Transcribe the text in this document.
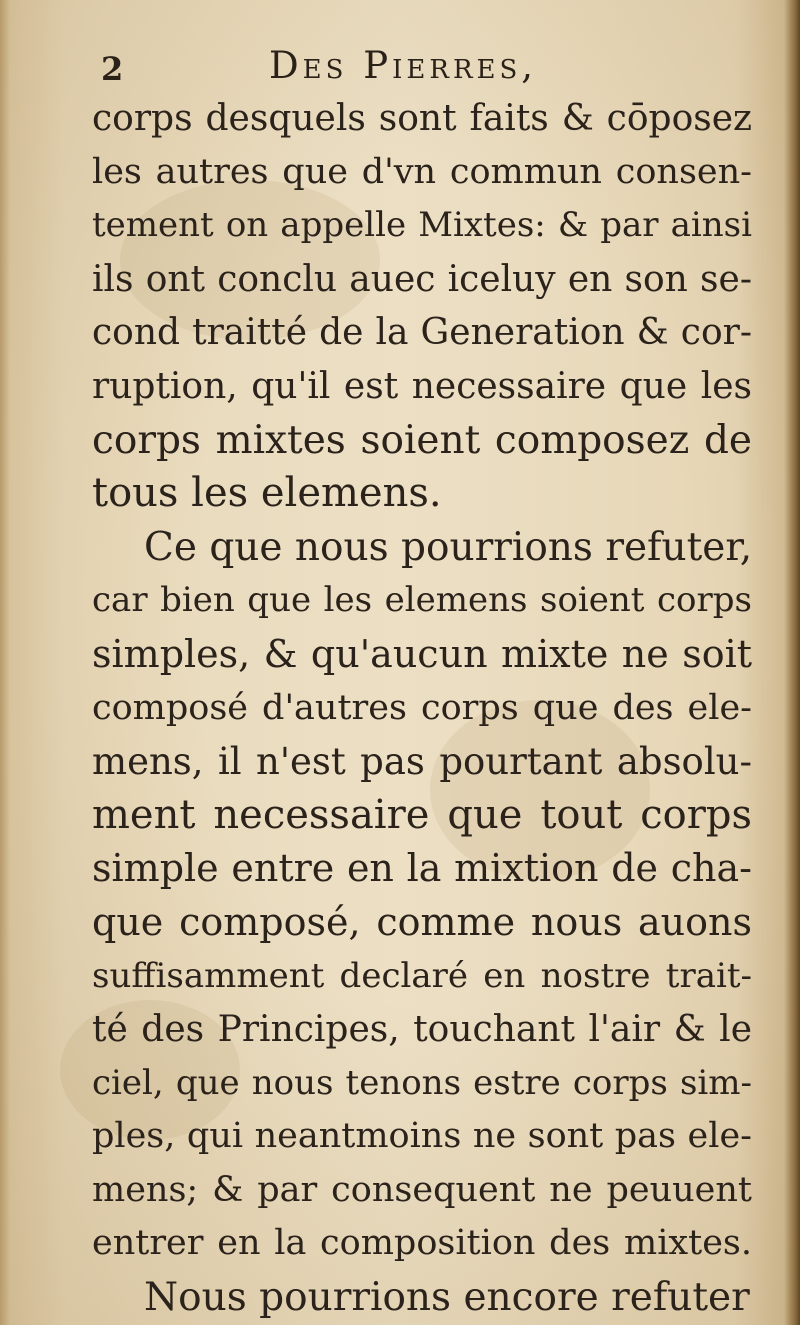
2	Des Pierres,
corps desquels sont faits & cōposez
les autres que d'vn commun consen-
tement on appelle Mixtes: & par ainsi
ils ont conclu auec iceluy en son se-
cond traitté de la Generation & cor-
ruption, qu'il est necessaire que les
corps mixtes soient composez de
tous les elemens.
Ce que nous pourrions refuter,
car bien que les elemens soient corps
simples, & qu'aucun mixte ne soit
composé d'autres corps que des ele-
mens, il n'est pas pourtant absolu-
ment necessaire que tout corps
simple entre en la mixtion de cha-
que composé, comme nous auons
suffisamment declaré en nostre trait-
té des Principes, touchant l'air & le
ciel, que nous tenons estre corps sim-
ples, qui neantmoins ne sont pas ele-
mens; & par consequent ne peuuent
entrer en la composition des mixtes.
Nous pourrions encore refuter
